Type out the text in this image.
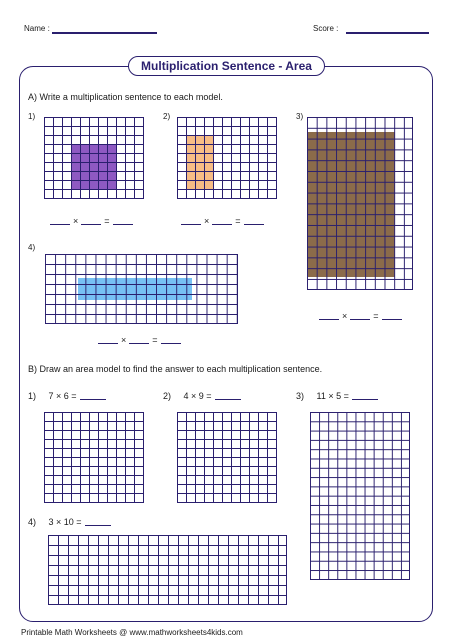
Name :	Score :
Multiplication Sentence - Area
A) Write a multiplication sentence to each model.
1)
×	=
2)
×	=
3)
×	=
4)
×	=
B) Draw an area model to find the answer to each multiplication sentence.
1) 7 × 6 =	2) 4 × 9 =	3) 11 × 5 =
4) 3 × 10 =
Printable Math Worksheets @ www.mathworksheets4kids.com
